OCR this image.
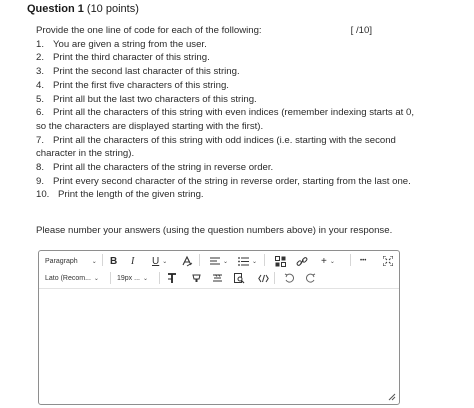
Question 1 (10 points)
Provide the one line of code for each of the following:	[ /10]
1. You are given a string from the user.
2. Print the third character of this string.
3. Print the second last character of this string.
4. Print the first five characters of this string.
5. Print all but the last two characters of this string.
6. Print all the characters of this string with even indices (remember indexing starts at 0, so the characters are displayed starting with the first).
7. Print all the characters of this string with odd indices (i.e. starting with the second character in the string).
8. Print all the characters of the string in reverse order.
9. Print every second character of the string in reverse order, starting from the last one.
10. Print the length of the given string.
Please number your answers (using the question numbers above) in your response.
Paragraph ⌄ B I U ⌄	⌄	⌄	+ ⌄	•••
Lato (Recom... ⌄	19px ... ⌄
